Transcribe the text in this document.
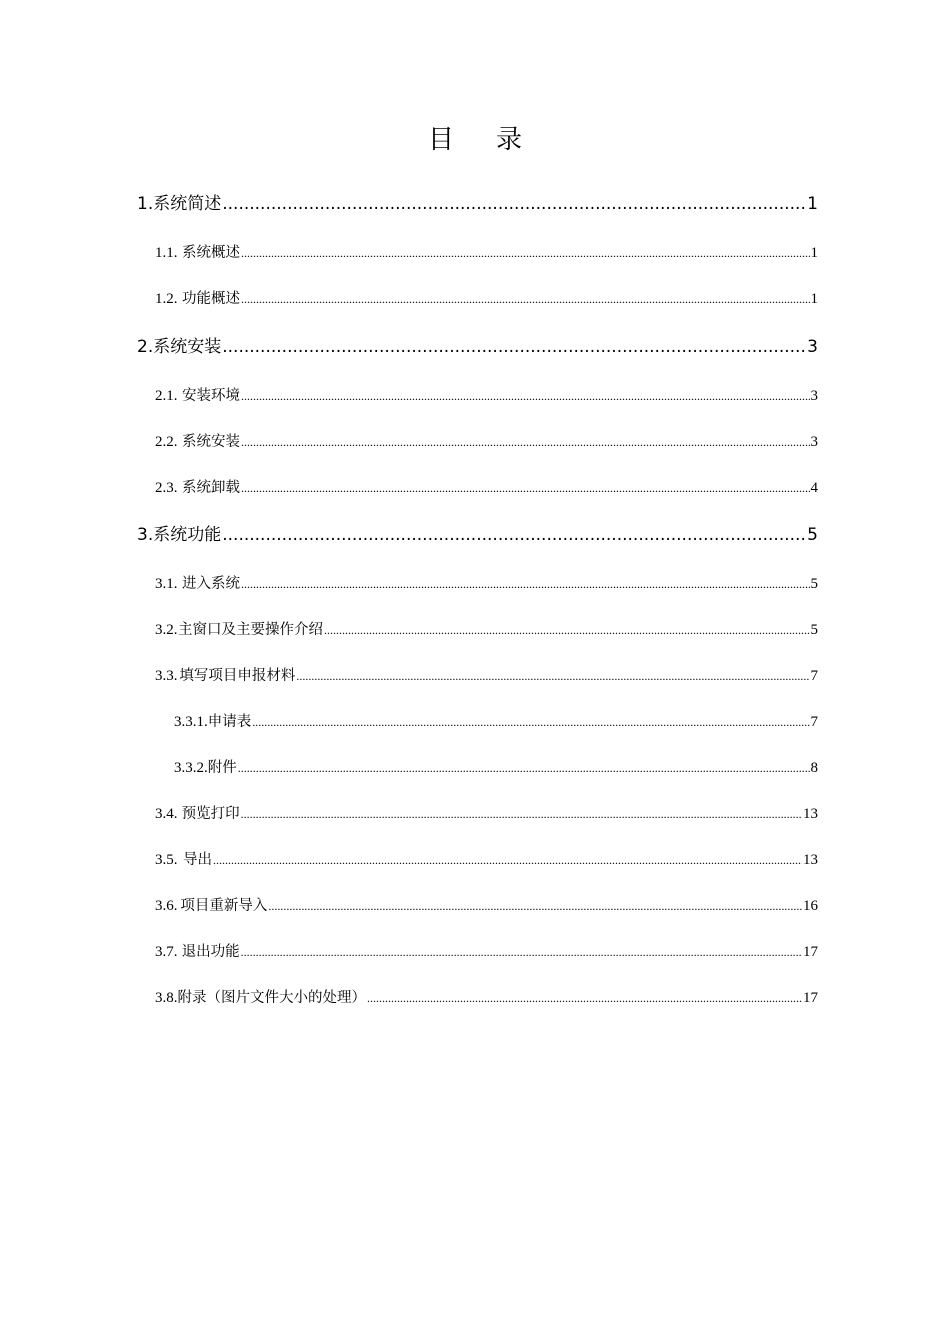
目 录
1. 系统简述 .....	1
1.1. 系统概述 .....	1
1.2. 功能概述 .....	1
2. 系统安装 .....	3
2.1. 安装环境 .....	3
2.2. 系统安装 .....	3
2.3. 系统卸载 .....	4
3. 系统功能 .....	5
3.1. 进入系统 .....	5
3.2. 主窗口及主要操作介绍 .....	5
3.3. 填写项目申报材料 .....	7
3.3.1. 申请表 .....	7
3.3.2. 附件 .....	8
3.4. 预览打印 .....	13
3.5. 导出 .....	13
3.6. 项目重新导入 .....	16
3.7. 退出功能 .....	17
3.8. 附录（图片文件大小的处理） .....	17
